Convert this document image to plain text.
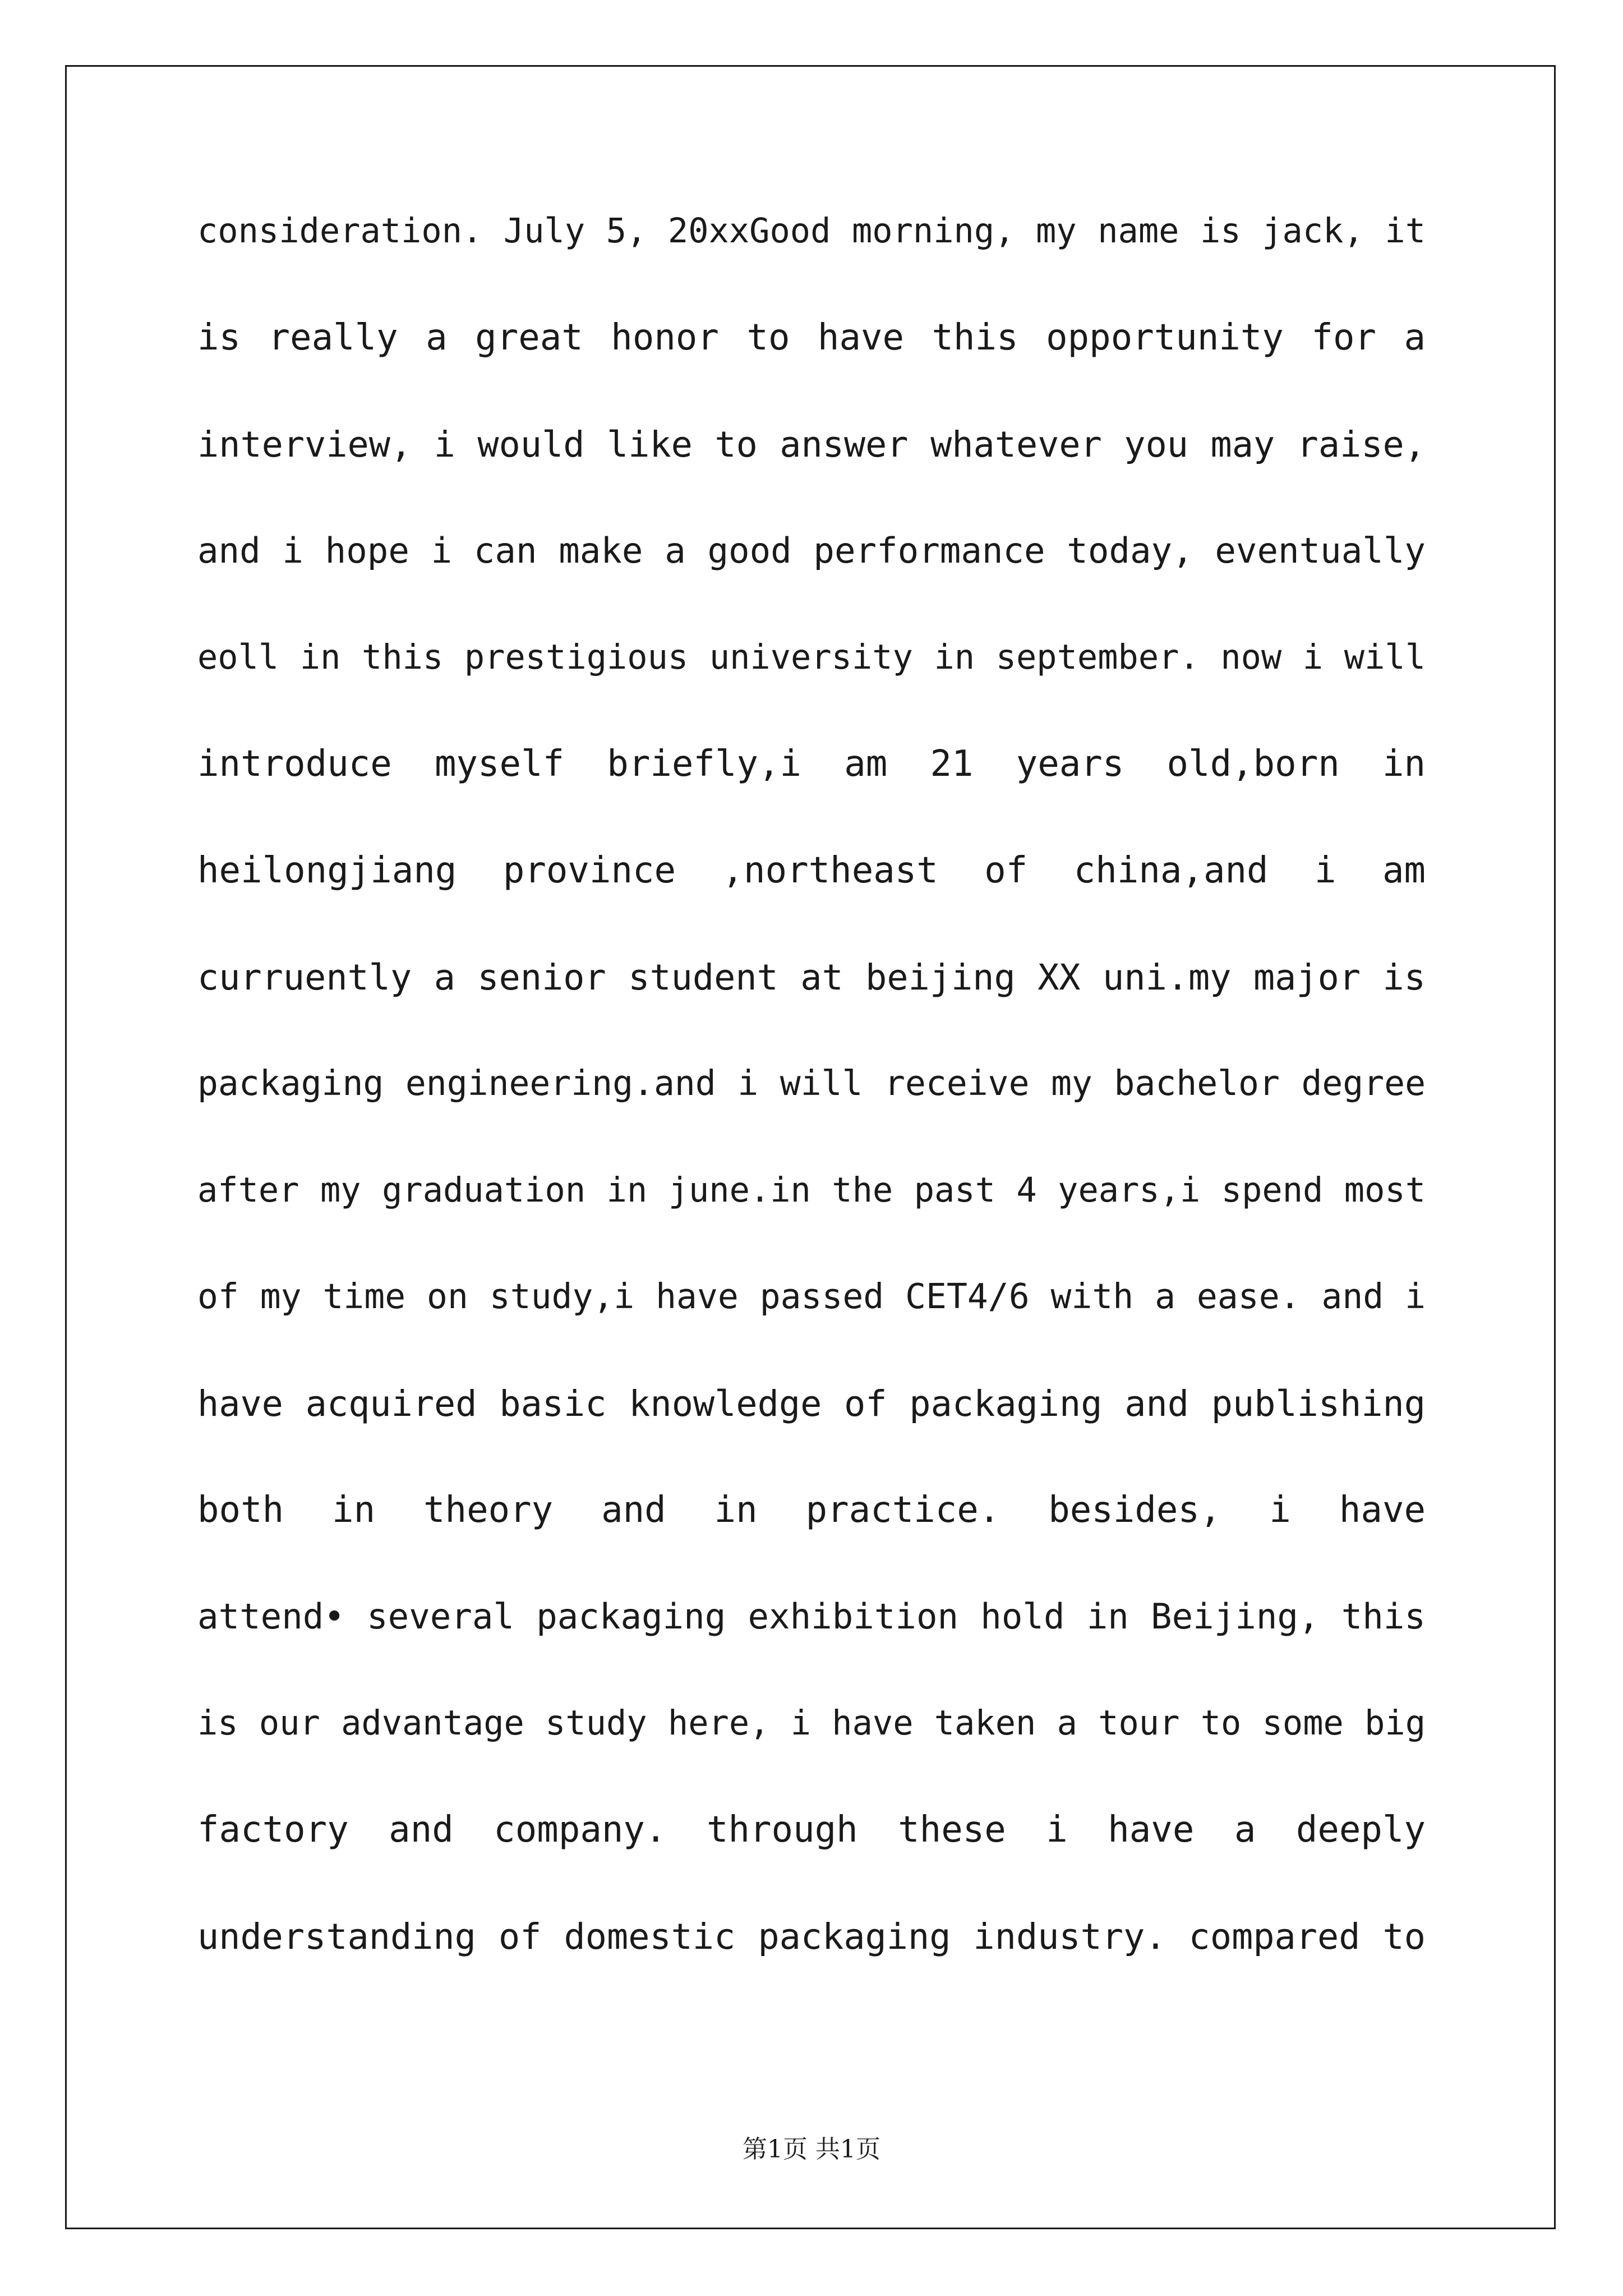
consideration. July 5, 20xxGood morning, my name is jack, it
is really a great honor to have this opportunity for a
interview, i would like to answer whatever you may raise,
and i hope i can make a good performance today, eventually
eoll in this prestigious university in september. now i will
introduce myself briefly,i am 21 years old,born in
heilongjiang province ,northeast of china,and i am
curruently a senior student at beijing XX uni.my major is
packaging engineering.and i will receive my bachelor degree
after my graduation in june.in the past 4 years,i spend most
of my time on study,i have passed CET4/6 with a ease. and i
have acquired basic knowledge of packaging and publishing
both in theory and in practice. besides, i have
attend• several packaging exhibition hold in Beijing, this
is our advantage study here, i have taken a tour to some big
factory and company. through these i have a deeply
understanding of domestic packaging industry. compared to
第1页 共1页
